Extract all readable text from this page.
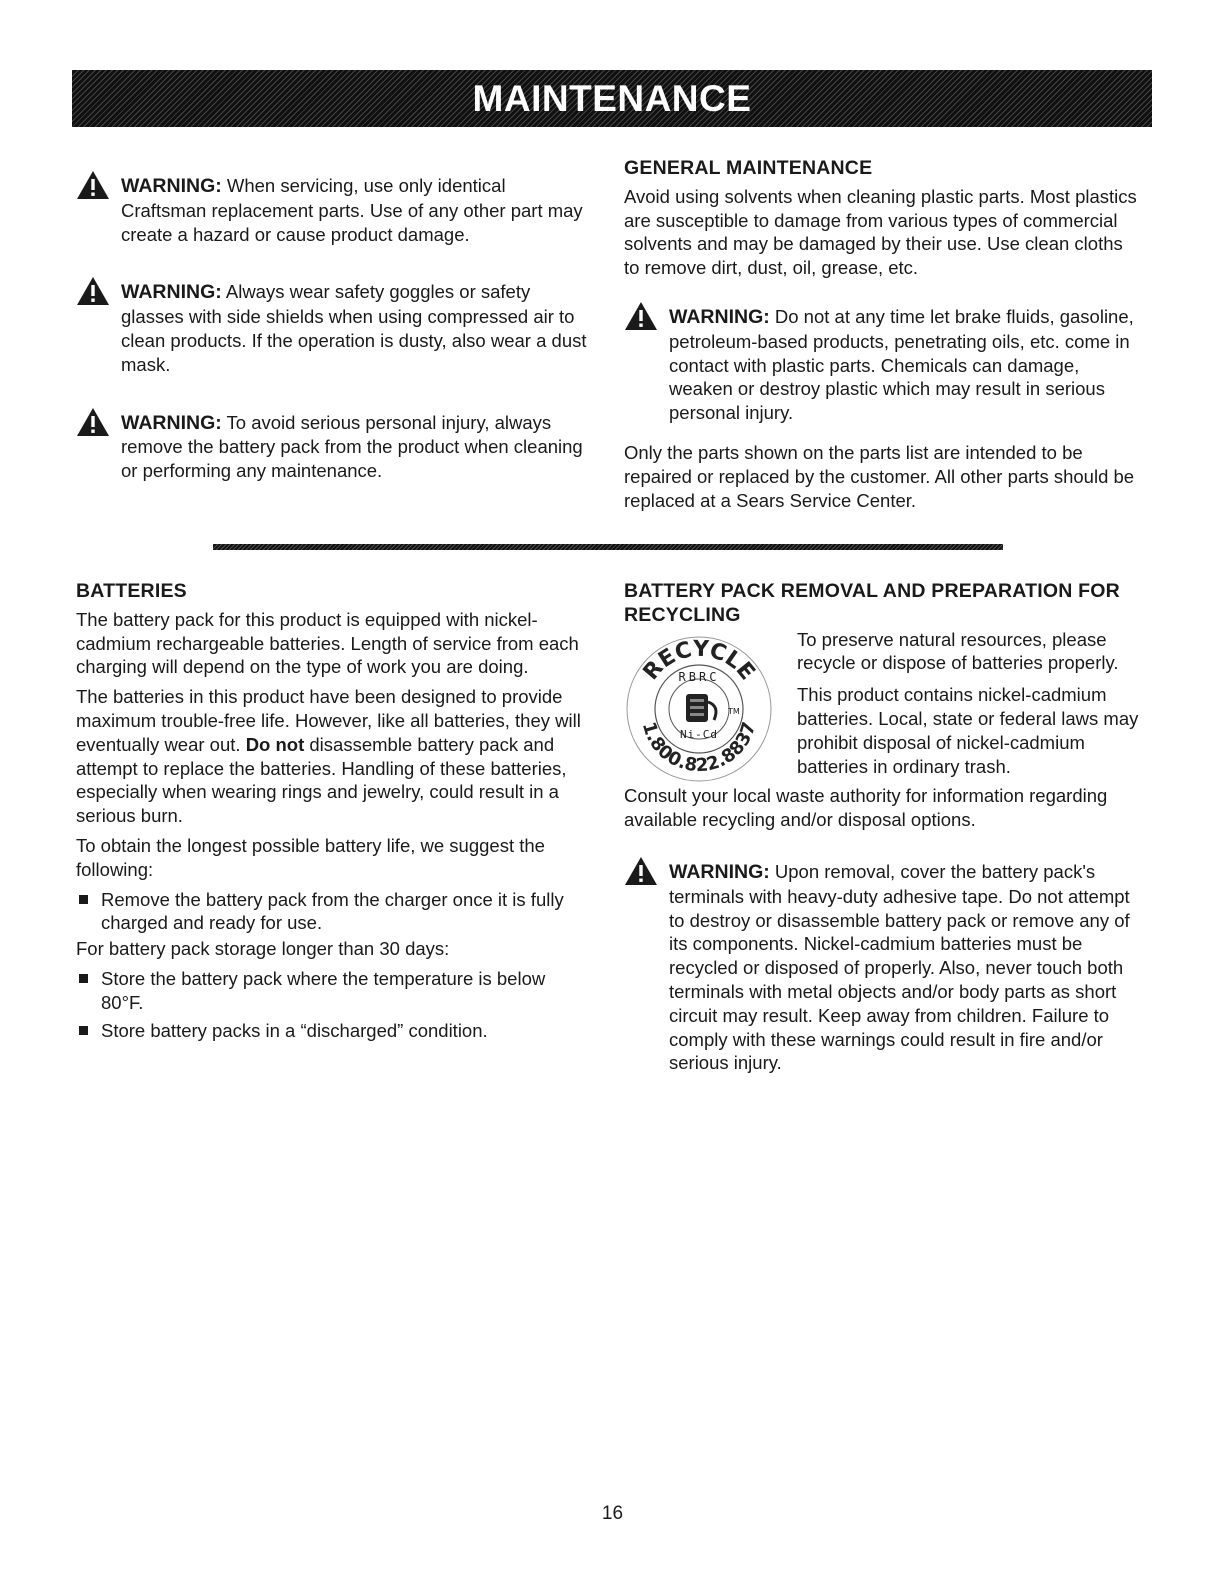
MAINTENANCE

WARNING: When servicing, use only identical Craftsman replacement parts. Use of any other part may create a hazard or cause product damage.

WARNING: Always wear safety goggles or safety glasses with side shields when using compressed air to clean products. If the operation is dusty, also wear a dust mask.

WARNING: To avoid serious personal injury, always remove the battery pack from the product when cleaning or performing any maintenance.

GENERAL MAINTENANCE

Avoid using solvents when cleaning plastic parts. Most plastics are susceptible to damage from various types of commercial solvents and may be damaged by their use. Use clean cloths to remove dirt, dust, oil, grease, etc.

WARNING: Do not at any time let brake fluids, gasoline, petroleum-based products, penetrating oils, etc. come in contact with plastic parts. Chemicals can damage, weaken or destroy plastic which may result in serious personal injury.

Only the parts shown on the parts list are intended to be repaired or replaced by the customer. All other parts should be replaced at a Sears Service Center.

BATTERIES

The battery pack for this product is equipped with nickel-cadmium rechargeable batteries. Length of service from each charging will depend on the type of work you are doing.

The batteries in this product have been designed to provide maximum trouble-free life. However, like all batteries, they will eventually wear out. Do not disassemble battery pack and attempt to replace the batteries. Handling of these batteries, especially when wearing rings and jewelry, could result in a serious burn.

To obtain the longest possible battery life, we suggest the following:

Remove the battery pack from the charger once it is fully charged and ready for use.

For battery pack storage longer than 30 days:

Store the battery pack where the temperature is below 80°F.
Store battery packs in a “discharged” condition.

BATTERY PACK REMOVAL AND PREPARATION FOR RECYCLING

RECYCLE
RBRC
TM
Ni-Cd
1.800.822.8837

To preserve natural resources, please recycle or dispose of batteries properly.

This product contains nickel-cadmium batteries. Local, state or federal laws may prohibit disposal of nickel-cadmium batteries in ordinary trash.

Consult your local waste authority for information regarding available recycling and/or disposal options.

WARNING: Upon removal, cover the battery pack's terminals with heavy-duty adhesive tape. Do not attempt to destroy or disassemble battery pack or remove any of its components. Nickel-cadmium batteries must be recycled or disposed of properly. Also, never touch both terminals with metal objects and/or body parts as short circuit may result. Keep away from children. Failure to comply with these warnings could result in fire and/or serious injury.

16
